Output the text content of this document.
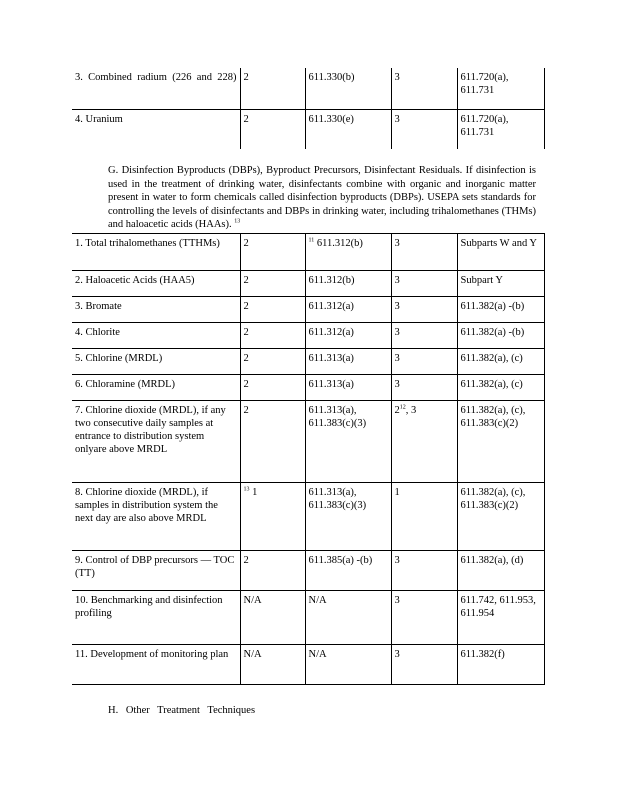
3. Combined radium (226 and 228)	2	611.330(b)	3	611.720(a), 611.731
4. Uranium	2	611.330(e)	3	611.720(a), 611.731
G. Disinfection Byproducts (DBPs), Byproduct Precursors, Disinfectant Residuals. If disinfection is used in the treatment of drinking water, disinfectants combine with organic and inorganic matter present in water to form chemicals called disinfection byproducts (DBPs). USEPA sets standards for controlling the levels of disinfectants and DBPs in drinking water, including trihalomethanes (THMs) and haloacetic acids (HAAs). $^{13}$
1. Total trihalomethanes (TTHMs)	2	$^{11}$ 611.312(b)	3	Subparts W and Y
2. Haloacetic Acids (HAA5)	2	611.312(b)	3	Subpart Y
3. Bromate	2	611.312(a)	3	611.382(a) -(b)
4. Chlorite	2	611.312(a)	3	611.382(a) -(b)
5. Chlorine (MRDL)	2	611.313(a)	3	611.382(a), (c)
6. Chloramine (MRDL)	2	611.313(a)	3	611.382(a), (c)
7. Chlorine dioxide (MRDL), if any two consecutive daily samples at entrance to distribution system onlyare above MRDL	2	611.313(a), 611.383(c)(3)	$2^{12}$, 3	611.382(a), (c), 611.383(c)(2)
8. Chlorine dioxide (MRDL), if samples in distribution system the next day are also above MRDL	$^{13}$ 1	611.313(a), 611.383(c)(3)	1	611.382(a), (c), 611.383(c)(2)
9. Control of DBP precursors — TOC (TT)	2	611.385(a) -(b)	3	611.382(a), (d)
10. Benchmarking and disinfection profiling	N/A	N/A	3	611.742, 611.953, 611.954
11. Development of monitoring plan	N/A	N/A	3	611.382(f)
H. Other Treatment Techniques
